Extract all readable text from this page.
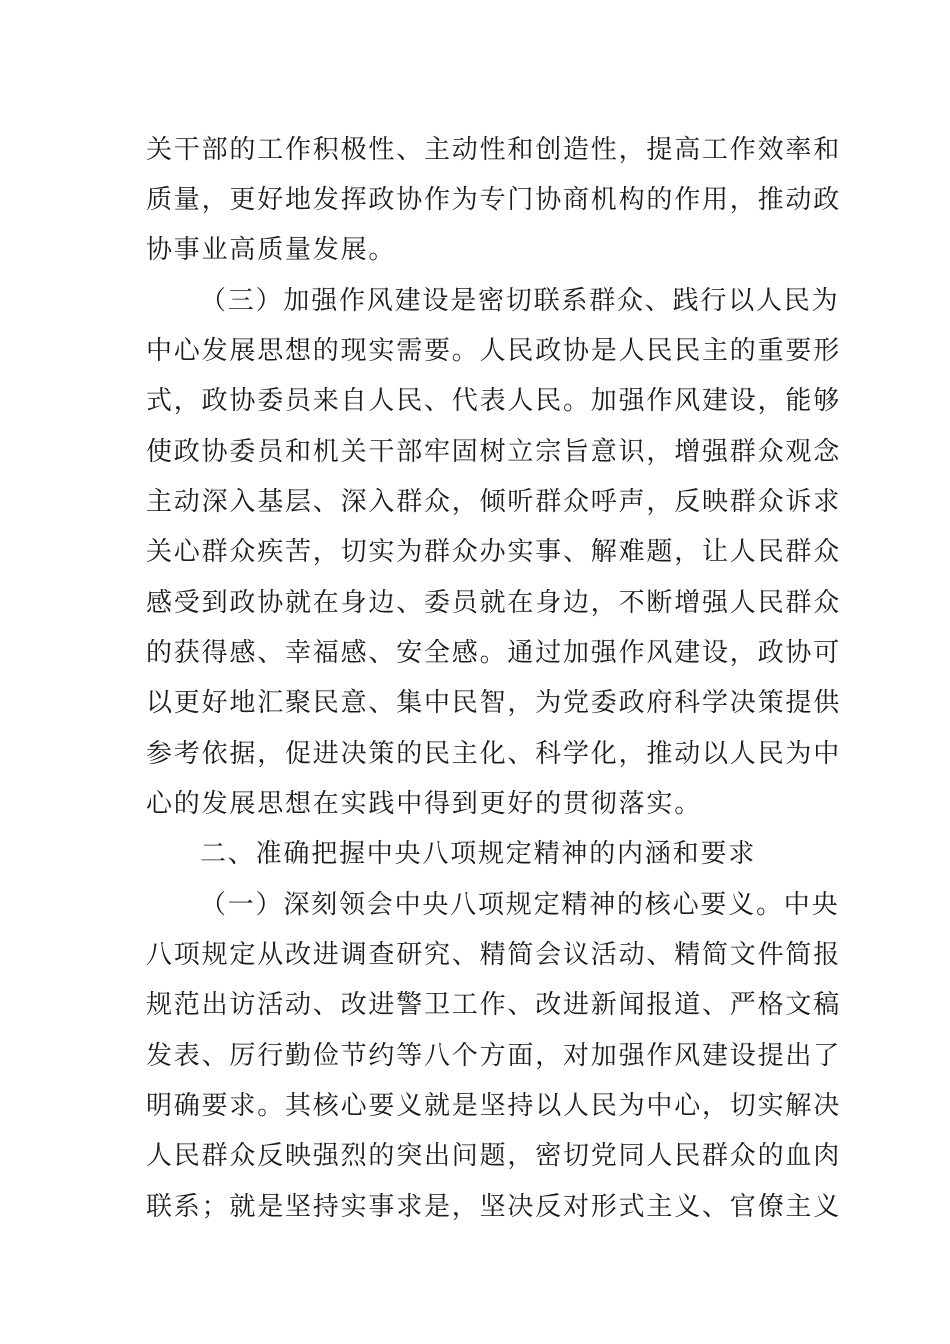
关干部的工作积极性、主动性和创造性，提高工作效率和
质量，更好地发挥政协作为专门协商机构的作用，推动政
协事业高质量发展。
（三）加强作风建设是密切联系群众、践行以人民为
中心发展思想的现实需要。人民政协是人民民主的重要形
式，政协委员来自人民、代表人民。加强作风建设，能够
使政协委员和机关干部牢固树立宗旨意识，增强群众观念
主动深入基层、深入群众，倾听群众呼声，反映群众诉求
关心群众疾苦，切实为群众办实事、解难题，让人民群众
感受到政协就在身边、委员就在身边，不断增强人民群众
的获得感、幸福感、安全感。通过加强作风建设，政协可
以更好地汇聚民意、集中民智，为党委政府科学决策提供
参考依据，促进决策的民主化、科学化，推动以人民为中
心的发展思想在实践中得到更好的贯彻落实。
二、准确把握中央八项规定精神的内涵和要求
（一）深刻领会中央八项规定精神的核心要义。中央
八项规定从改进调查研究、精简会议活动、精简文件简报
规范出访活动、改进警卫工作、改进新闻报道、严格文稿
发表、厉行勤俭节约等八个方面，对加强作风建设提出了
明确要求。其核心要义就是坚持以人民为中心，切实解决
人民群众反映强烈的突出问题，密切党同人民群众的血肉
联系；就是坚持实事求是，坚决反对形式主义、官僚主义
